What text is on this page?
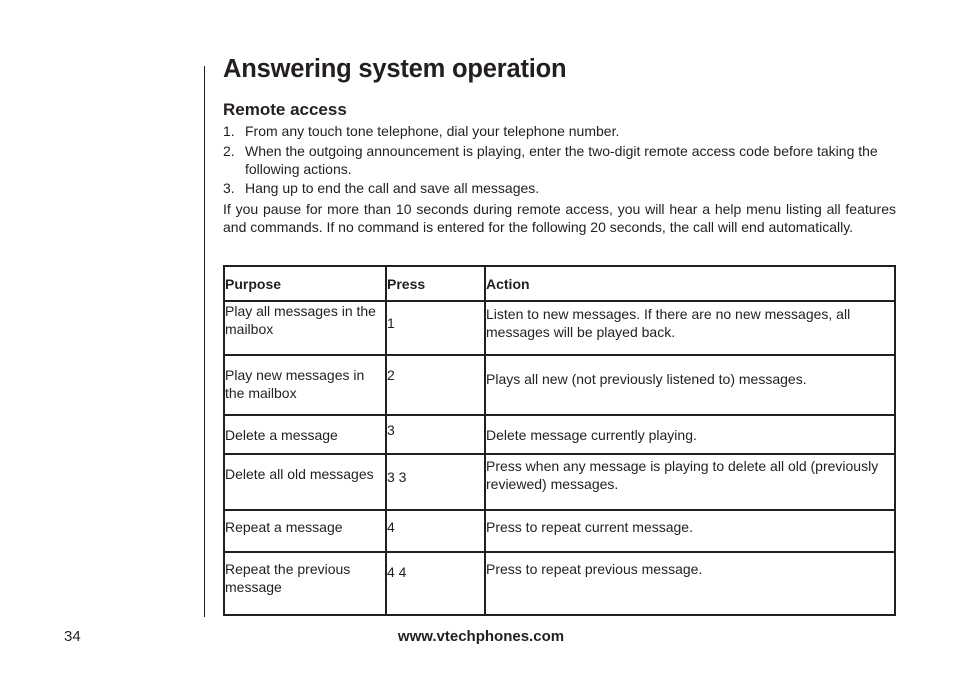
Answering system operation
Remote access
1. From any touch tone telephone, dial your telephone number.
2. When the outgoing announcement is playing, enter the two-digit remote access code before taking the following actions.
3. Hang up to end the call and save all messages.

If you pause for more than 10 seconds during remote access, you will hear a help menu listing all features and commands. If no command is entered for the following 20 seconds, the call will end automatically.

Purpose	Press	Action
Play all messages in the mailbox	1	Listen to new messages. If there are no new messages, all messages will be played back.
Play new messages in the mailbox	2	Plays all new (not previously listened to) messages.
Delete a message	3	Delete message currently playing.
Delete all old messages	3 3	Press when any message is playing to delete all old (previously reviewed) messages.
Repeat a message	4	Press to repeat current message.
Repeat the previous message	4 4	Press to repeat previous message.
34	www.vtechphones.com
